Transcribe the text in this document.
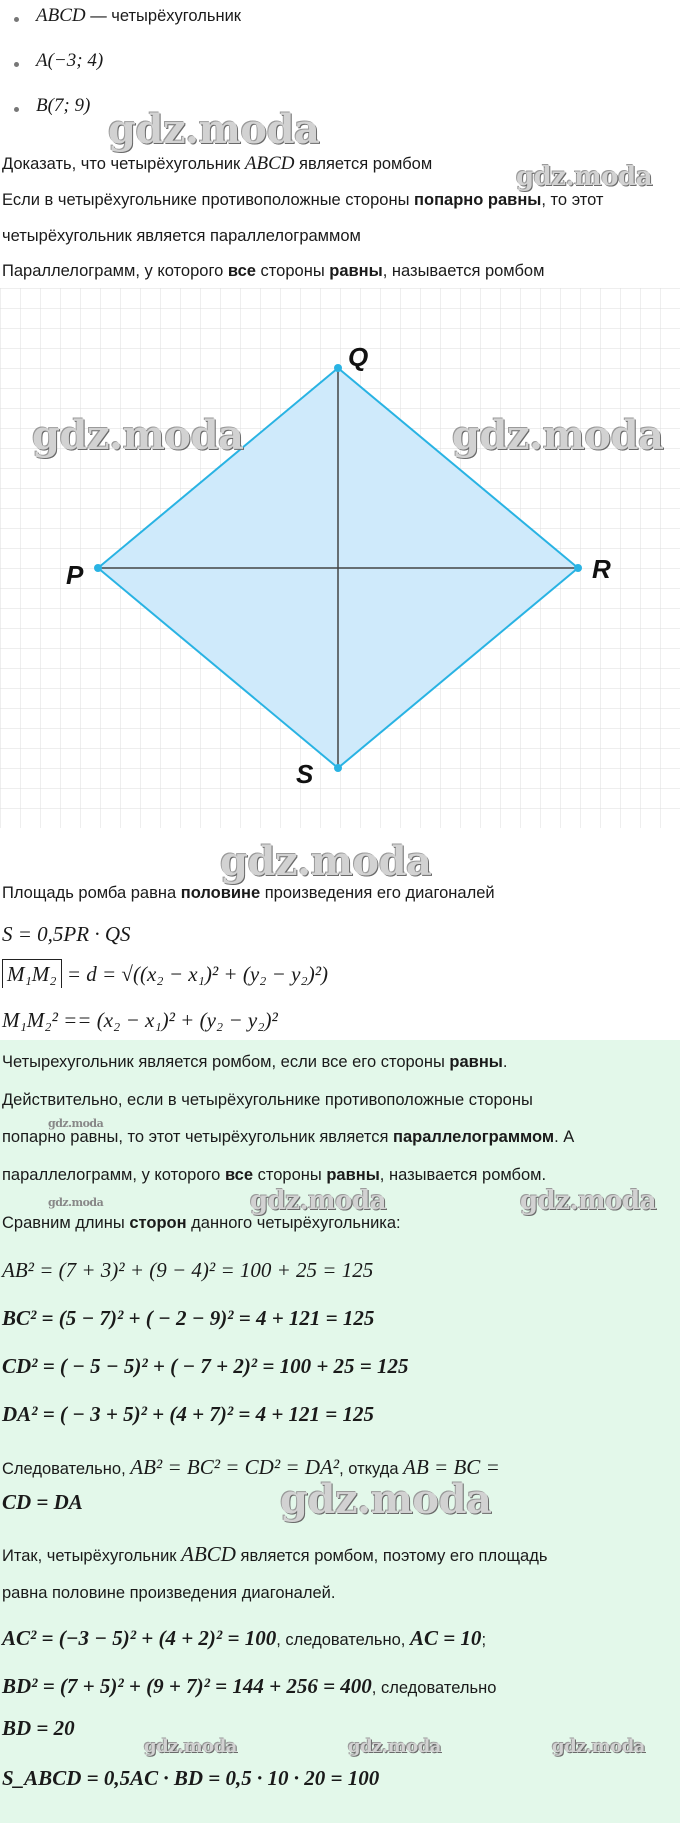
ABCD — четырёхугольник
A(−3; 4)
B(7; 9)
gdz.moda
Доказать, что четырёхугольник ABCD является ромбом	gdz.moda
Если в четырёхугольнике противоположные стороны попарно равны, то этот
четырёхугольник является параллелограммом
Параллелограмм, у которого все стороны равны, называется ромбом
Q
R
S
P
gdz.moda	gdz.moda
gdz.moda
Площадь ромба равна половине произведения его диагоналей
S = 0,5PR · QS
M₁M₂ = d = √((x₂ − x₁)² + (y₂ − y₂)²)
M₁M₂² == (x₂ − x₁)² + (y₂ − y₂)²
Четырехугольник является ромбом, если все его стороны равны.
Действительно, если в четырёхугольнике противоположные стороны
gdz.moda
попарно равны, то этот четырёхугольник является параллелограммом. А
параллелограмм, у которого все стороны равны, называется ромбом.
gdz.moda	gdz.moda	gdz.moda
Сравним длины сторон данного четырёхугольника:
AB² = (7 + 3)² + (9 − 4)² = 100 + 25 = 125
BC² = (5 − 7)² + ( − 2 − 9)² = 4 + 121 = 125
CD² = ( − 5 − 5)² + ( − 7 + 2)² = 100 + 25 = 125
DA² = ( − 3 + 5)² + (4 + 7)² = 4 + 121 = 125
Следовательно, AB² = BC² = CD² = DA², откуда AB = BC =
CD = DA	gdz.moda
Итак, четырёхугольник ABCD является ромбом, поэтому его площадь
равна половине произведения диагоналей.
AC² = (−3 − 5)² + (4 + 2)² = 100, следовательно, AC = 10;
BD² = (7 + 5)² + (9 + 7)² = 144 + 256 = 400, следовательно
BD = 20
gdz.moda	gdz.moda	gdz.moda
S_ABCD = 0,5AC · BD = 0,5 · 10 · 20 = 100
